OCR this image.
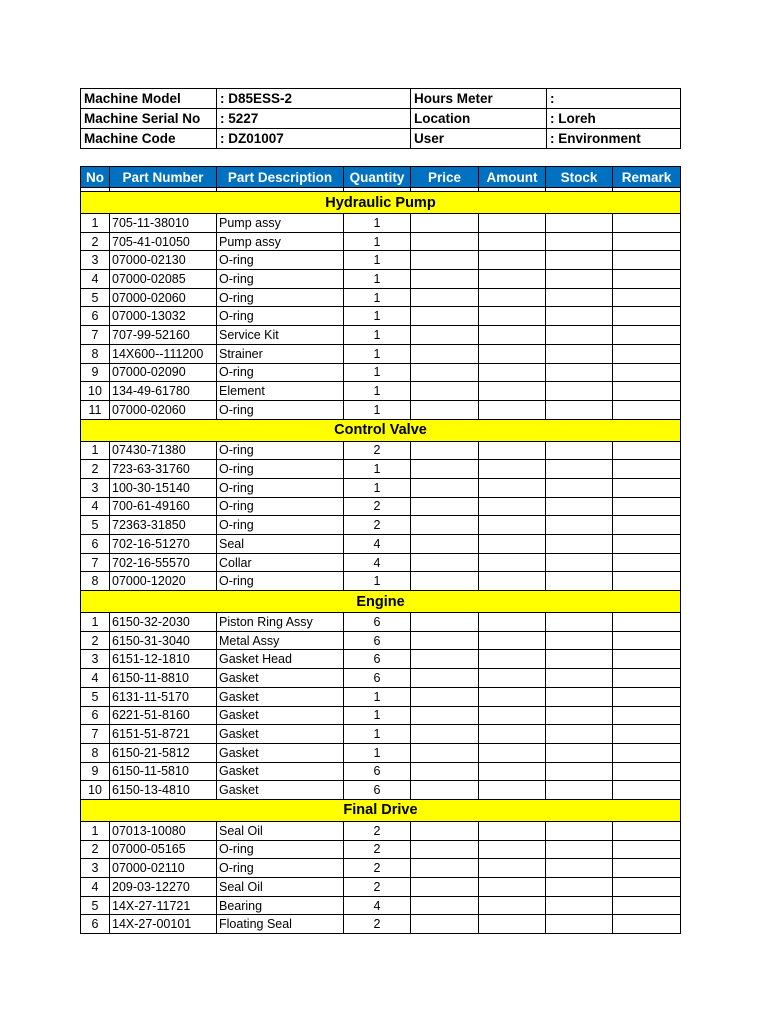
Machine Model	: D85ESS-2	Hours Meter	:
Machine Serial No	: 5227	Location	: Loreh
Machine Code	: DZ01007	User	: Environment
No	Part Number	Part Description	Quantity	Price	Amount	Stock	Remark

Hydraulic Pump							
1	705-11-38010	Pump assy	1				
2	705-41-01050	Pump assy	1				
3	07000-02130	O-ring	1				
4	07000-02085	O-ring	1				
5	07000-02060	O-ring	1				
6	07000-13032	O-ring	1				
7	707-99-52160	Service Kit	1				
8	14X600--111200	Strainer	1				
9	07000-02090	O-ring	1				
10	134-49-61780	Element	1				
11	07000-02060	O-ring	1				
Control Valve							
1	07430-71380	O-ring	2				
2	723-63-31760	O-ring	1				
3	100-30-15140	O-ring	1				
4	700-61-49160	O-ring	2				
5	72363-31850	O-ring	2				
6	702-16-51270	Seal	4				
7	702-16-55570	Collar	4				
8	07000-12020	O-ring	1				
Engine							
1	6150-32-2030	Piston Ring Assy	6				
2	6150-31-3040	Metal Assy	6				
3	6151-12-1810	Gasket Head	6				
4	6150-11-8810	Gasket	6				
5	6131-11-5170	Gasket	1				
6	6221-51-8160	Gasket	1				
7	6151-51-8721	Gasket	1				
8	6150-21-5812	Gasket	1				
9	6150-11-5810	Gasket	6				
10	6150-13-4810	Gasket	6				
Final Drive							
1	07013-10080	Seal Oil	2				
2	07000-05165	O-ring	2				
3	07000-02110	O-ring	2				
4	209-03-12270	Seal Oil	2				
5	14X-27-11721	Bearing	4				
6	14X-27-00101	Floating Seal	2				
